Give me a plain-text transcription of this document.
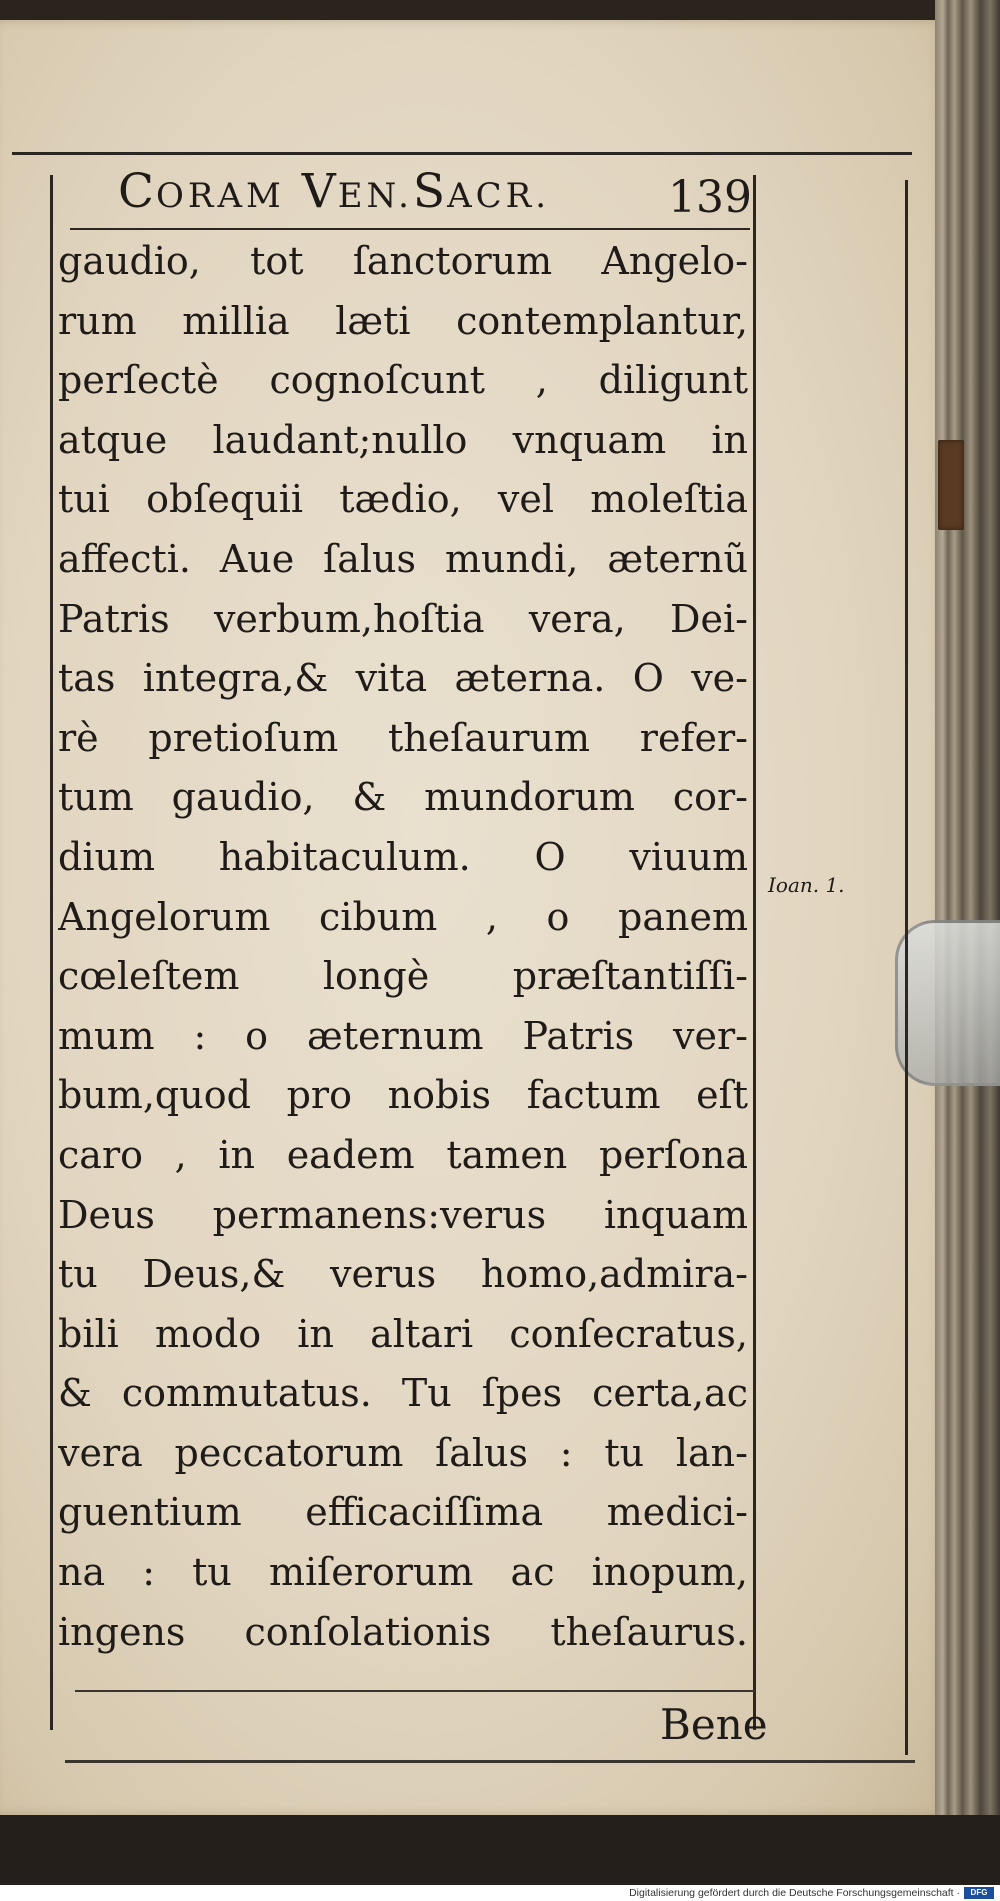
CORAM VEN.SACR.	139
gaudio, tot ſanctorum Angelo-
rum millia læti contemplantur,
perſectè cognoſcunt , diligunt
atque laudant;nullo vnquam in
tui obſequii tædio, vel moleſtia
affecti. Aue ſalus mundi, æternũ
Patris verbum,hoſtia vera, Dei-
tas integra,& vita æterna. O ve-
rè pretioſum theſaurum refer-
tum gaudio, & mundorum cor-
dium habitaculum. O viuum
Angelorum cibum , o panem
cœleſtem longè præſtantiſſi-
mum : o æternum Patris ver-
bum,quod pro nobis factum eſt
caro , in eadem tamen perſona
Deus permanens:verus inquam
tu Deus,& verus homo,admira-
bili modo in altari conſecratus,
& commutatus. Tu ſpes certa,ac
vera peccatorum ſalus : tu lan-
guentium efficaciſſima medici-
na : tu miſerorum ac inopum,
ingens conſolationis theſaurus.
Ioan. 1.
Bene
Digitalisierung gefördert durch die Deutsche Forschungsgemeinschaft ·	DFG
